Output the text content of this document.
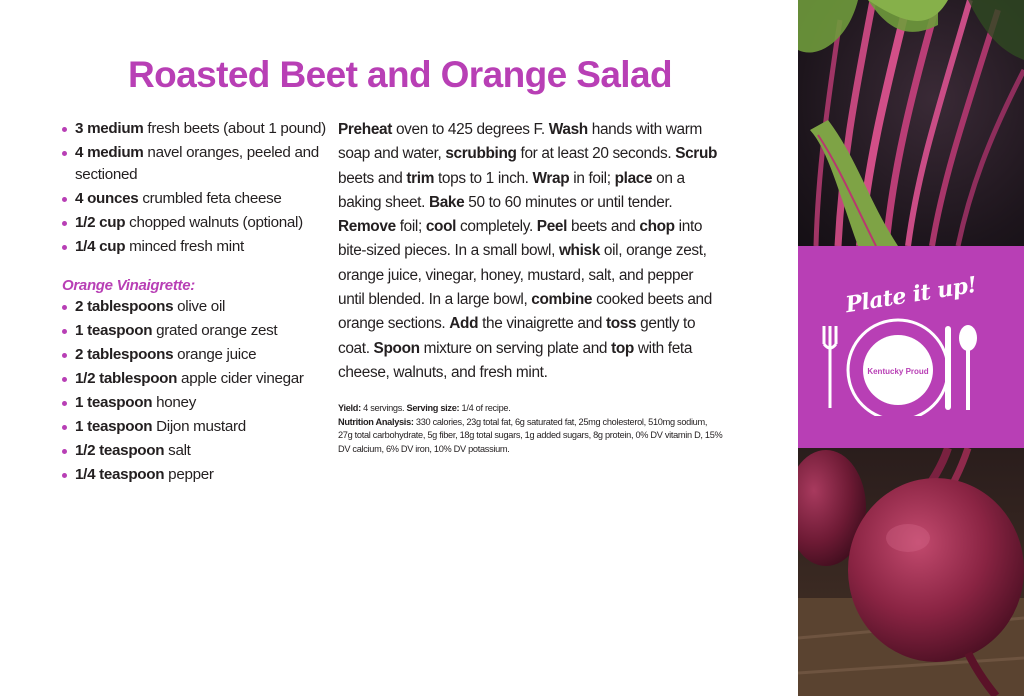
Roasted Beet and Orange Salad
3 medium fresh beets (about 1 pound)
4 medium navel oranges, peeled and sectioned
4 ounces crumbled feta cheese
1/2 cup chopped walnuts (optional)
1/4 cup minced fresh mint

Orange Vinaigrette:

2 tablespoons olive oil
1 teaspoon grated orange zest
2 tablespoons orange juice
1/2 tablespoon apple cider vinegar
1 teaspoon honey
1 teaspoon Dijon mustard
1/2 teaspoon salt
1/4 teaspoon pepper

Preheat oven to 425 degrees F. Wash hands with warm soap and water, scrubbing for at least 20 seconds. Scrub beets and trim tops to 1 inch. Wrap in foil; place on a baking sheet. Bake 50 to 60 minutes or until tender. Remove foil; cool completely. Peel beets and chop into bite-sized pieces. In a small bowl, whisk oil, orange zest, orange juice, vinegar, honey, mustard, salt, and pepper until blended. In a large bowl, combine cooked beets and orange sections. Add the vinaigrette and toss gently to coat. Spoon mixture on serving plate and top with feta cheese, walnuts, and fresh mint.

Yield: 4 servings. Serving size: 1/4 of recipe.
Nutrition Analysis: 330 calories, 23g total fat, 6g saturated fat, 25mg cholesterol, 510mg sodium, 27g total carbohydrate, 5g fiber, 18g total sugars, 1g added sugars, 8g protein, 0% DV vitamin D, 15% DV calcium, 6% DV iron, 10% DV potassium.
Plate it up!
Kentucky Proud
